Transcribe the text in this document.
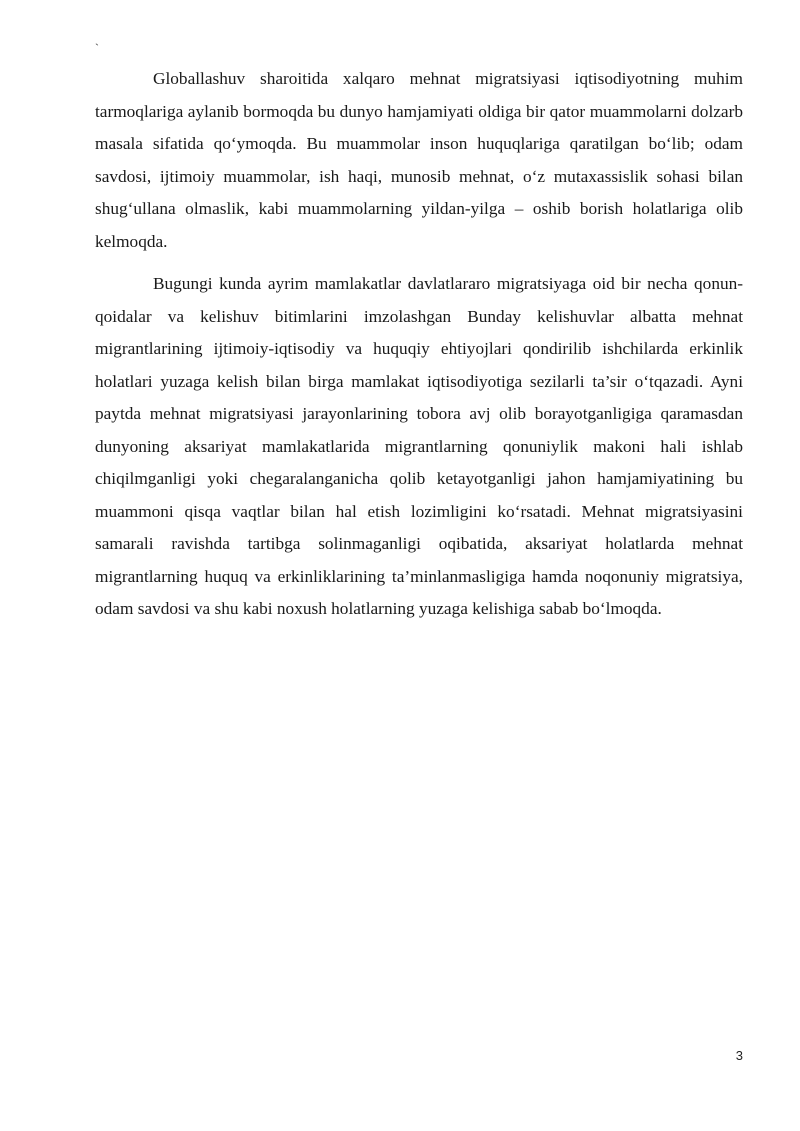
`

Globallashuv sharoitida xalqaro mehnat migratsiyasi iqtisodiyotning muhim tarmoqlariga aylanib bormoqda bu dunyo hamjamiyati oldiga bir qator muammolarni dolzarb masala sifatida qo‘ymoqda. Bu muammolar inson huquqlariga qaratilgan bo‘lib; odam savdosi, ijtimoiy muammolar, ish haqi, munosib mehnat, o‘z mutaxassislik sohasi bilan shug‘ullana olmaslik, kabi muammolarning yildan-yilga – oshib borish holatlariga olib kelmoqda.

Bugungi kunda ayrim mamlakatlar davlatlararo migratsiyaga oid bir necha qonun-qoidalar va kelishuv bitimlarini imzolashgan Bunday kelishuvlar albatta mehnat migrantlarining ijtimoiy-iqtisodiy va huquqiy ehtiyojlari qondirilib ishchilarda erkinlik holatlari yuzaga kelish bilan birga mamlakat iqtisodiyotiga sezilarli ta’sir o‘tqazadi. Ayni paytda mehnat migratsiyasi jarayonlarining tobora avj olib borayotganligiga qaramasdan dunyoning aksariyat mamlakatlarida migrantlarning qonuniylik makoni hali ishlab chiqilmganligi yoki chegaralanganicha qolib ketayotganligi jahon hamjamiyatining bu muammoni qisqa vaqtlar bilan hal etish lozimligini ko‘rsatadi. Mehnat migratsiyasini samarali ravishda tartibga solinmaganligi oqibatida, aksariyat holatlarda mehnat migrantlarning huquq va erkinliklarining ta’minlanmasligiga hamda noqonuniy migratsiya, odam savdosi va shu kabi noxush holatlarning yuzaga kelishiga sabab bo‘lmoqda.

3
